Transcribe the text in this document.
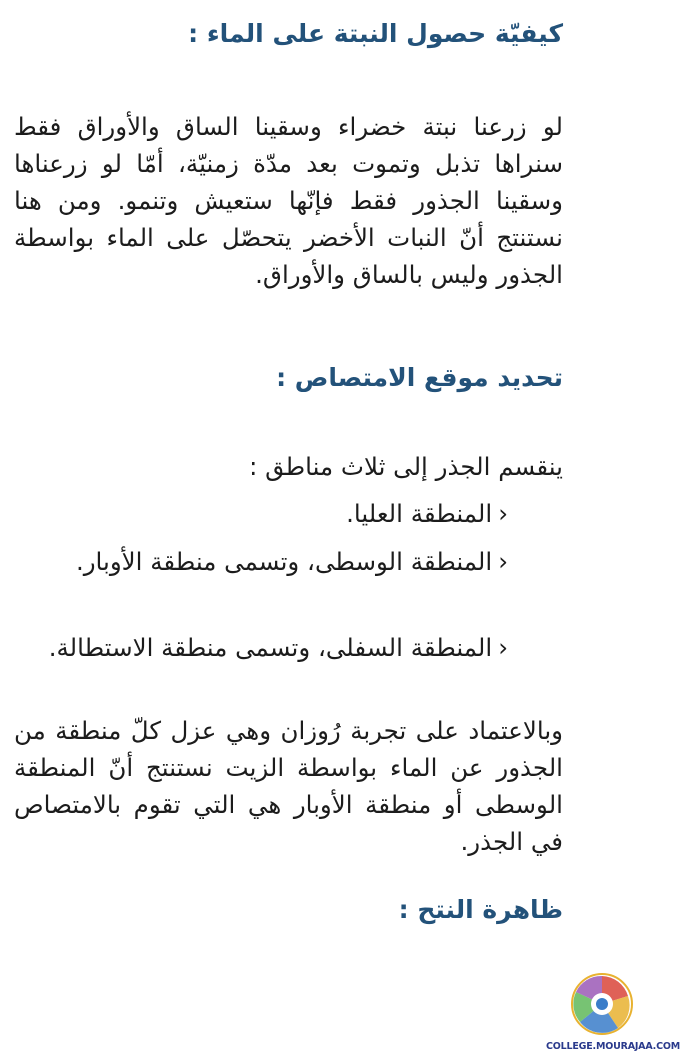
كيفيّة حصول النبتة على الماء :
لو زرعنا نبتة خضراء وسقينا الساق والأوراق فقط سنراها تذبل وتموت بعد مدّة زمنيّة، أمّا لو زرعناها وسقينا الجذور فقط فإنّها ستعيش وتنمو. ومن هنا نستنتج أنّ النبات الأخضر يتحصّل على الماء بواسطة الجذور وليس بالساق والأوراق.
تحديد موقع الامتصاص :
ينقسم الجذر إلى ثلاث مناطق :
‹المنطقة العليا.
‹المنطقة الوسطى، وتسمى منطقة الأوبار.
‹المنطقة السفلى، وتسمى منطقة الاستطالة.
وبالاعتماد على تجربة رُوزان وهي عزل كلّ منطقة من الجذور عن الماء بواسطة الزيت نستنتج أنّ المنطقة الوسطى أو منطقة الأوبار هي التي تقوم بالامتصاص في الجذر.
ظاهرة النتح :
COLLEGE.MOURAJAA.COM
